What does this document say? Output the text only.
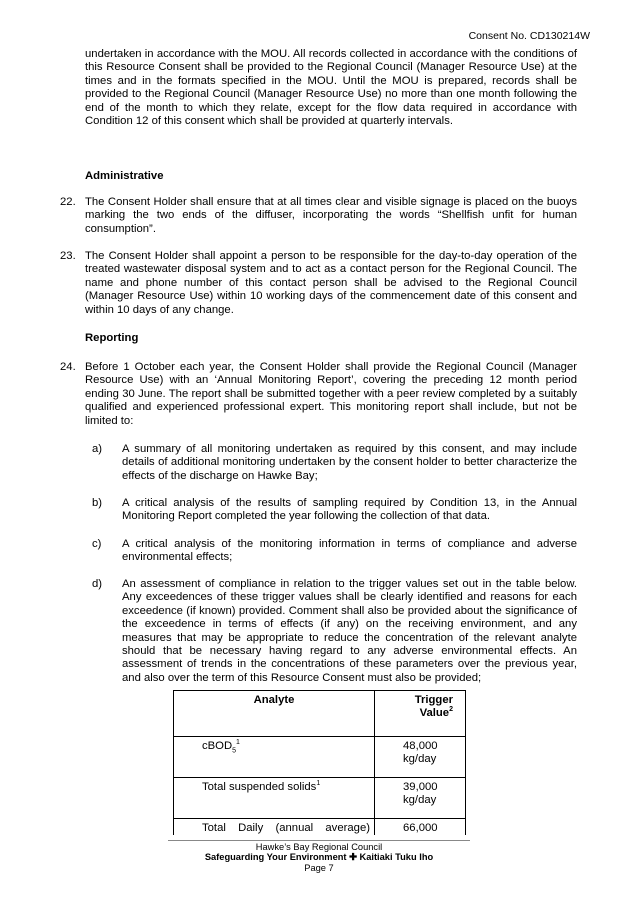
Consent No. CD130214W
undertaken in accordance with the MOU. All records collected in accordance with the conditions of this Resource Consent shall be provided to the Regional Council (Manager Resource Use) at the times and in the formats specified in the MOU. Until the MOU is prepared, records shall be provided to the Regional Council (Manager Resource Use) no more than one month following the end of the month to which they relate, except for the flow data required in accordance with Condition 12 of this consent which shall be provided at quarterly intervals.
Administrative
22. The Consent Holder shall ensure that at all times clear and visible signage is placed on the buoys marking the two ends of the diffuser, incorporating the words “Shellfish unfit for human consumption”.
23. The Consent Holder shall appoint a person to be responsible for the day-to-day operation of the treated wastewater disposal system and to act as a contact person for the Regional Council. The name and phone number of this contact person shall be advised to the Regional Council (Manager Resource Use) within 10 working days of the commencement date of this consent and within 10 days of any change.
Reporting
24. Before 1 October each year, the Consent Holder shall provide the Regional Council (Manager Resource Use) with an ‘Annual Monitoring Report’, covering the preceding 12 month period ending 30 June. The report shall be submitted together with a peer review completed by a suitably qualified and experienced professional expert. This monitoring report shall include, but not be limited to:
a) A summary of all monitoring undertaken as required by this consent, and may include details of additional monitoring undertaken by the consent holder to better characterize the effects of the discharge on Hawke Bay;
b) A critical analysis of the results of sampling required by Condition 13, in the Annual Monitoring Report completed the year following the collection of that data.
c) A critical analysis of the monitoring information in terms of compliance and adverse environmental effects;
d) An assessment of compliance in relation to the trigger values set out in the table below. Any exceedences of these trigger values shall be clearly identified and reasons for each exceedence (if known) provided. Comment shall also be provided about the significance of the exceedence in terms of effects (if any) on the receiving environment, and any measures that may be appropriate to reduce the concentration of the relevant analyte should that be necessary having regard to any adverse environmental effects. An assessment of trends in the concentrations of these parameters over the previous year, and also over the term of this Resource Consent must also be provided;
Analyte	Trigger
Value$^2$
cBOD$_5^1$	48,000
kg/day
Total suspended solids$^1$	39,000
kg/day
Total Daily (annual average)	66,000
Hawke’s Bay Regional Council
Safeguarding Your Environment ✚ Kaitiaki Tuku Iho
Page 7
